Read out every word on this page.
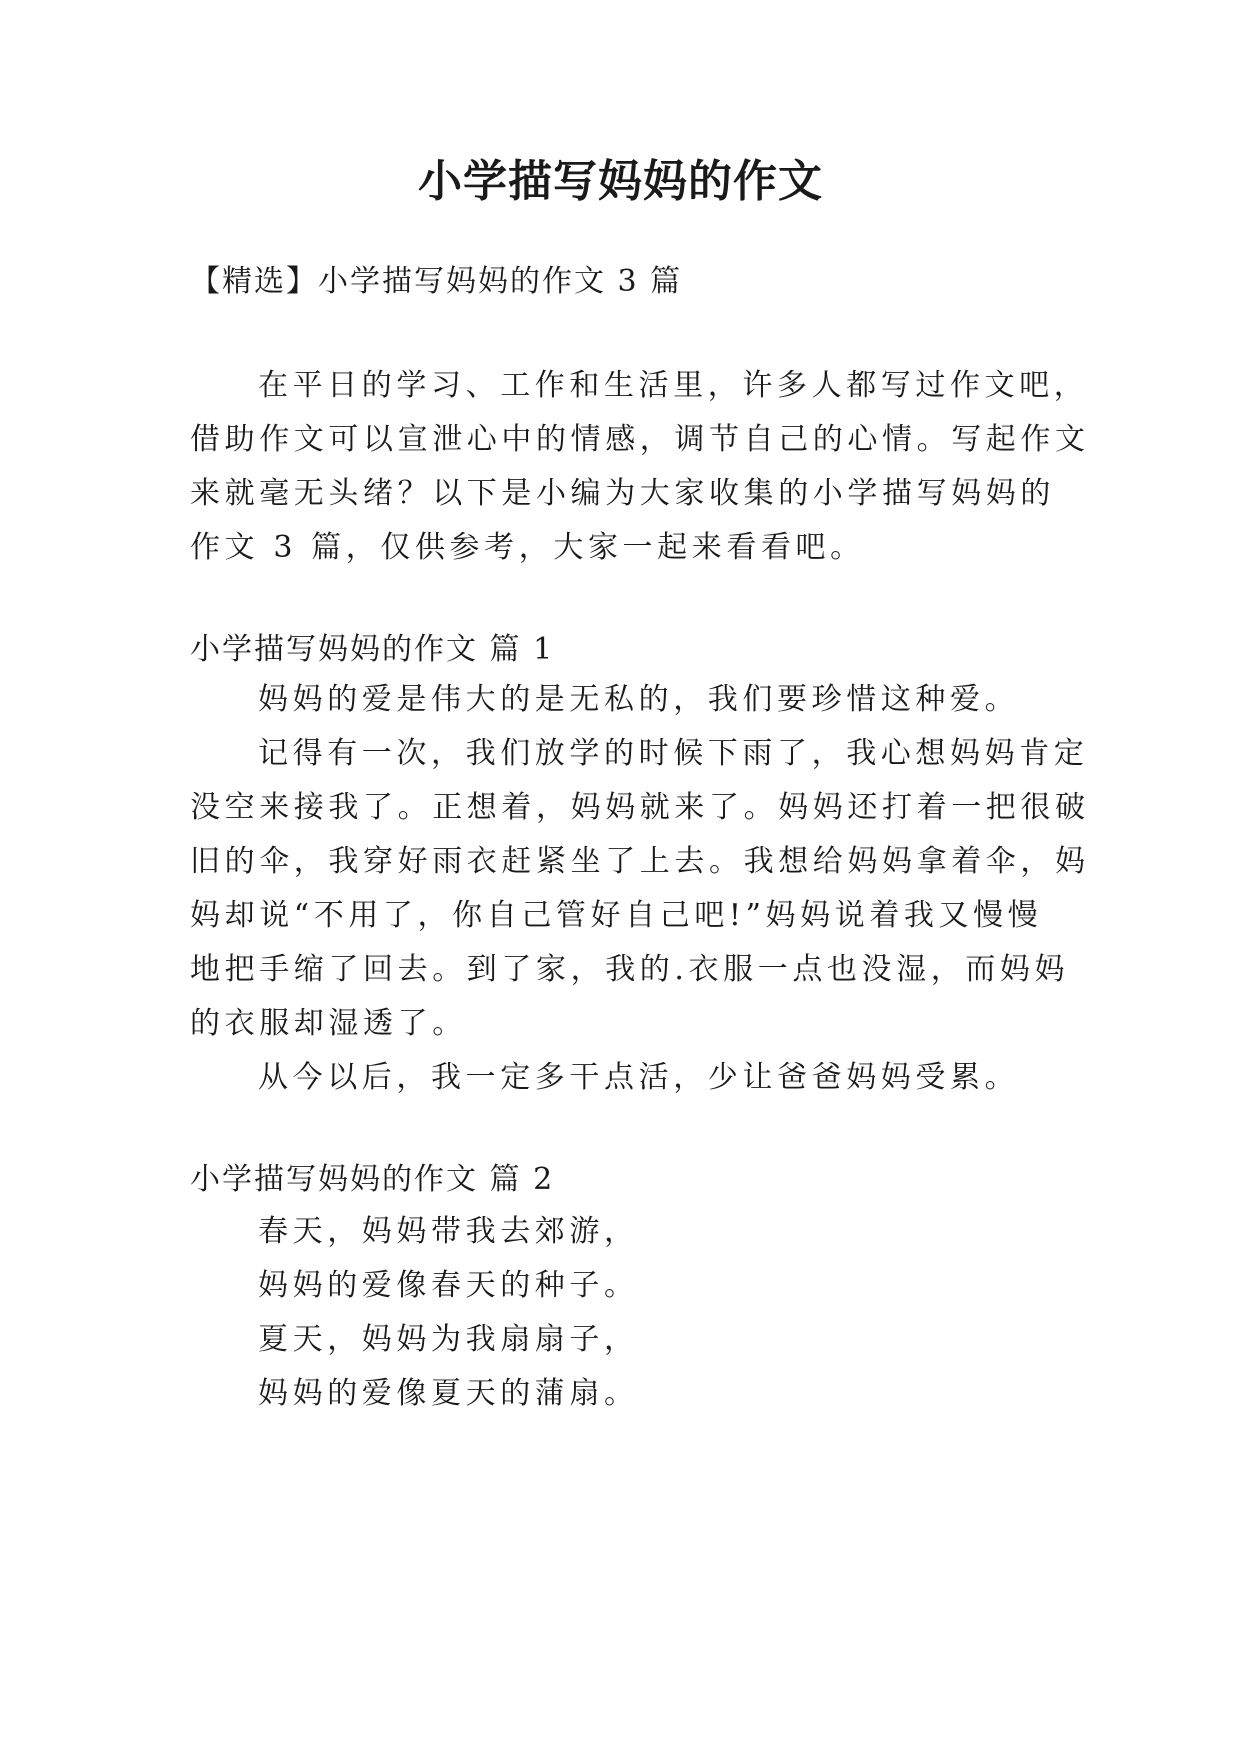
小学描写妈妈的作文

【精选】小学描写妈妈的作文 3 篇

在平日的学习、工作和生活里，许多人都写过作文吧，

借助作文可以宣泄心中的情感，调节自己的心情。写起作文

来就毫无头绪？以下是小编为大家收集的小学描写妈妈的

作文 3 篇，仅供参考，大家一起来看看吧。

小学描写妈妈的作文 篇 1

妈妈的爱是伟大的是无私的，我们要珍惜这种爱。

记得有一次，我们放学的时候下雨了，我心想妈妈肯定

没空来接我了。正想着，妈妈就来了。妈妈还打着一把很破

旧的伞，我穿好雨衣赶紧坐了上去。我想给妈妈拿着伞，妈

妈却说“不用了，你自己管好自己吧!”妈妈说着我又慢慢

地把手缩了回去。到了家，我的.衣服一点也没湿，而妈妈

的衣服却湿透了。

从今以后，我一定多干点活，少让爸爸妈妈受累。

小学描写妈妈的作文 篇 2

春天，妈妈带我去郊游，

妈妈的爱像春天的种子。

夏天，妈妈为我扇扇子，

妈妈的爱像夏天的蒲扇。
